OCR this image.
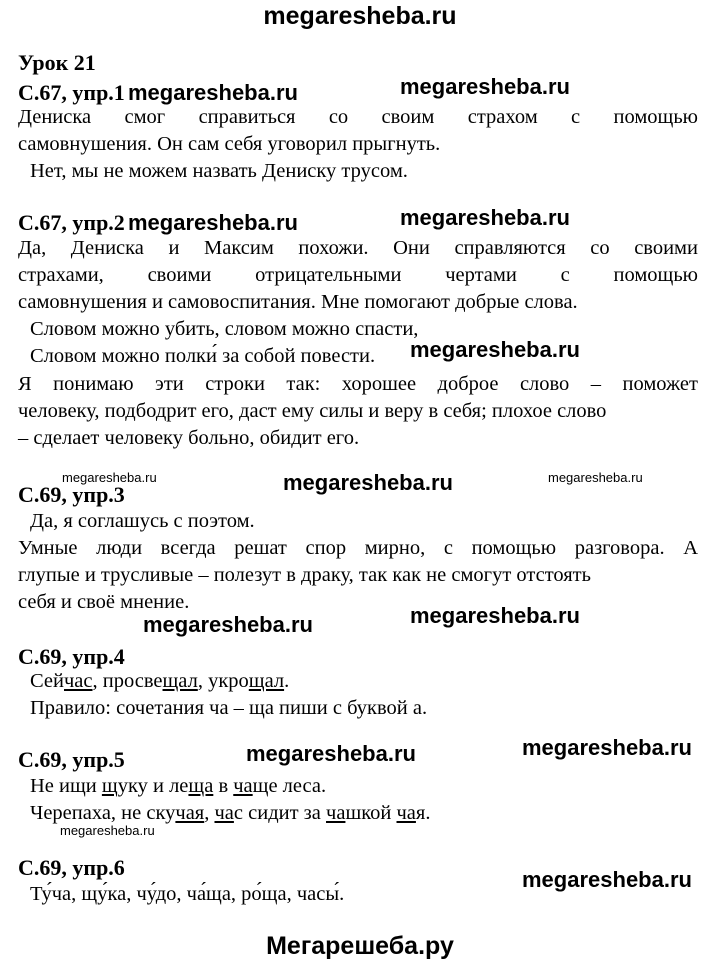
megaresheba.ru
Урок 21
С.67, упр.1
Дениска смог справиться со своим страхом с помощью
самовнушения. Он сам себя уговорил прыгнуть.
Нет, мы не можем назвать Дениску трусом.
С.67, упр.2
Да, Дениска и Максим похожи. Они справляются со своими
страхами, своими отрицательными чертами с помощью
самовнушения и самовоспитания. Мне помогают добрые слова.
Словом можно убить, словом можно спасти,
Словом можно полки́ за собой повести.
Я понимаю эти строки так: хорошее доброе слово – поможет
человеку, подбодрит его, даст ему силы и веру в себя; плохое слово
– сделает человеку больно, обидит его.
С.69, упр.3
Да, я соглашусь с поэтом.
Умные люди всегда решат спор мирно, с помощью разговора. А
глупые и трусливые – полезут в драку, так как не смогут отстоять
себя и своё мнение.
С.69, упр.4
Сейчас, просвещал, укрощал.
Правило: сочетания ча – ща пиши с буквой а.
С.69, упр.5
Не ищи щуку и леща в чаще леса.
Черепаха, не скучая, час сидит за чашкой чая.
С.69, упр.6
Ту́ча, щу́ка, чу́до, ча́ща, ро́ща, часы́.
megaresheba.ru	megaresheba.ru
megaresheba.ru	megaresheba.ru
megaresheba.ru
megaresheba.ru	megaresheba.ru	megaresheba.ru
megaresheba.ru
megaresheba.ru
megaresheba.ru	megaresheba.ru
megaresheba.ru
megaresheba.ru
Мегарешеба.ру
